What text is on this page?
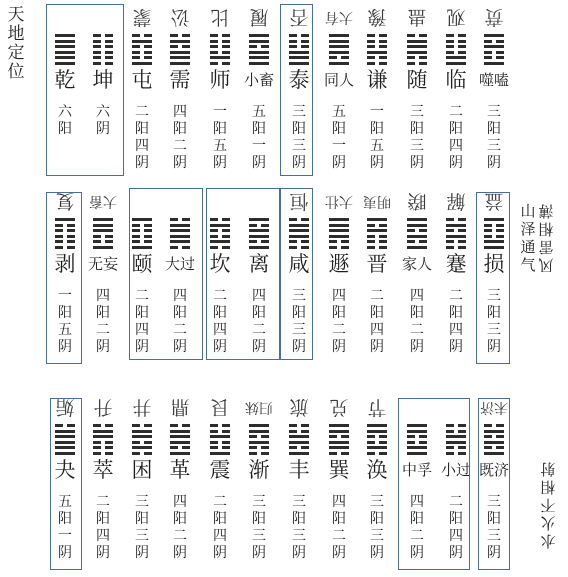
天
地
定
位
山
泽
通
气 风
雷
相
薄
水
火
不
相
射
乾
六
阳
坤
六
阴
蒙
屯
二
阳
四
阴
讼
需
四
阳
二
阴
比
师
一
阳
五
阴
履
小畜
五
阳
一
阴
否
泰
三
阳
三
阴
大有
同人
五
阳
一
阴
豫
谦
一
阳
五
阴
蛊
随
三
阳
三
阴
观
临
二
阳
四
阴
贲
噬嗑
三
阳
三
阴
复
剥
一
阳
五
阴
大畜
无妄
四
阳
二
阴
颐
二
阳
四
阴
大过
四
阳
二
阴
坎
二
阳
四
阴
离
四
阳
二
阴
恒
咸
三
阳
三
阴
大壮
遯
四
阳
二
阴
明夷
晋
二
阳
四
阴
睽
家人
四
阳
二
阴
解
蹇
二
阳
四
阴
益
损
三
阳
三
阴
姤
夬
五
阳
一
阴
升
萃
二
阳
四
阴
井
困
三
阳
三
阴
鼎
革
四
阳
二
阴
艮
震
二
阳
四
阴
归妹
渐
三
阳
三
阴
旅
丰
三
阳
三
阴
兑
巽
四
阳
二
阴
节
涣
三
阳
三
阴
中孚
四
阳
二
阴
小过
二
阳
四
阴
未济
既济
三
阳
三
阴
